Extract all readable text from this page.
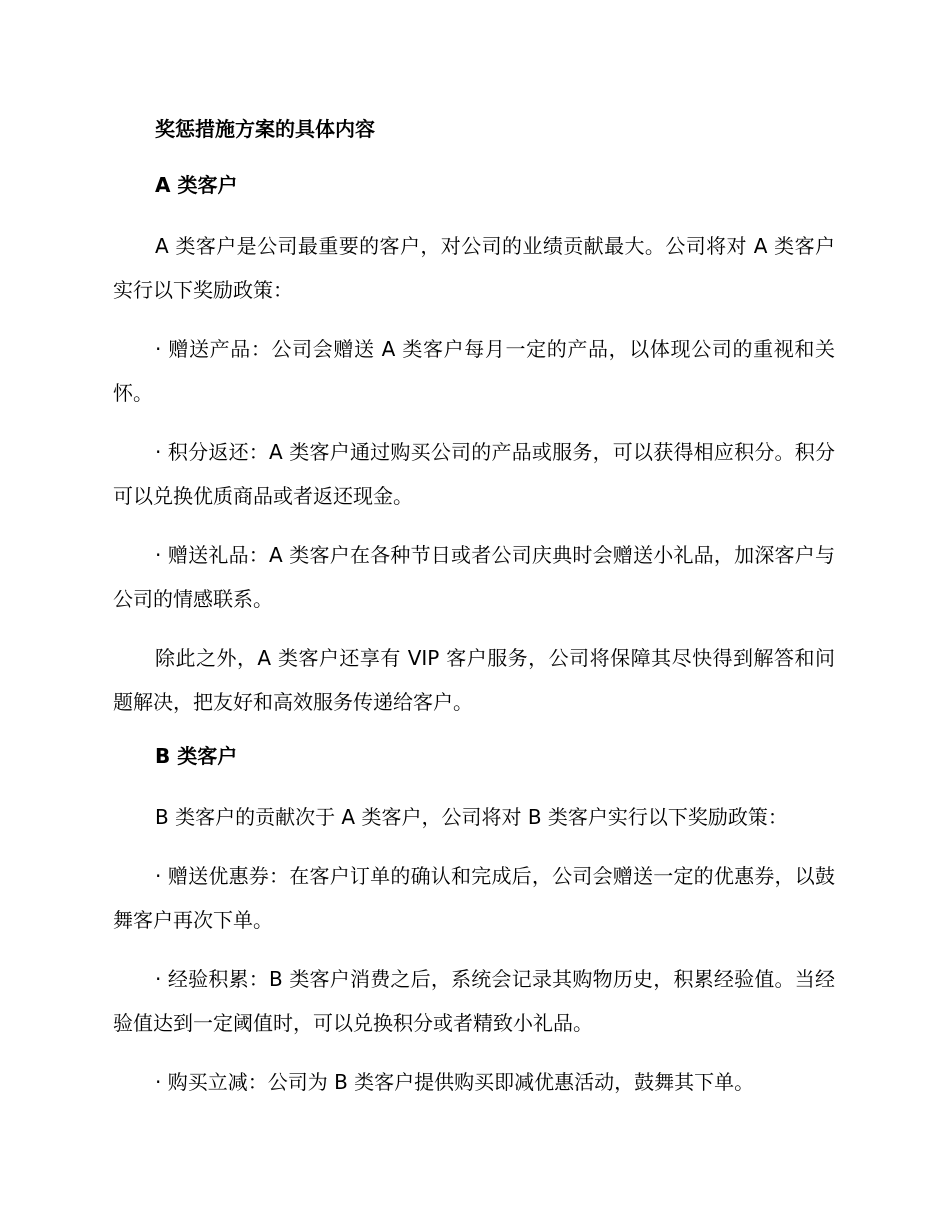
奖惩措施方案的具体内容
A 类客户

A 类客户是公司最重要的客户，对公司的业绩贡献最大。公司将对 A 类客户实行以下奖励政策：

· 赠送产品：公司会赠送 A 类客户每月一定的产品，以体现公司的重视和关怀。

· 积分返还：A 类客户通过购买公司的产品或服务，可以获得相应积分。积分可以兑换优质商品或者返还现金。

· 赠送礼品：A 类客户在各种节日或者公司庆典时会赠送小礼品，加深客户与公司的情感联系。

除此之外，A 类客户还享有 VIP 客户服务，公司将保障其尽快得到解答和问题解决，把友好和高效服务传递给客户。

B 类客户

B 类客户的贡献次于 A 类客户，公司将对 B 类客户实行以下奖励政策：

· 赠送优惠券：在客户订单的确认和完成后，公司会赠送一定的优惠券，以鼓舞客户再次下单。

· 经验积累：B 类客户消费之后，系统会记录其购物历史，积累经验值。当经验值达到一定阈值时，可以兑换积分或者精致小礼品。

· 购买立减：公司为 B 类客户提供购买即减优惠活动，鼓舞其下单。
